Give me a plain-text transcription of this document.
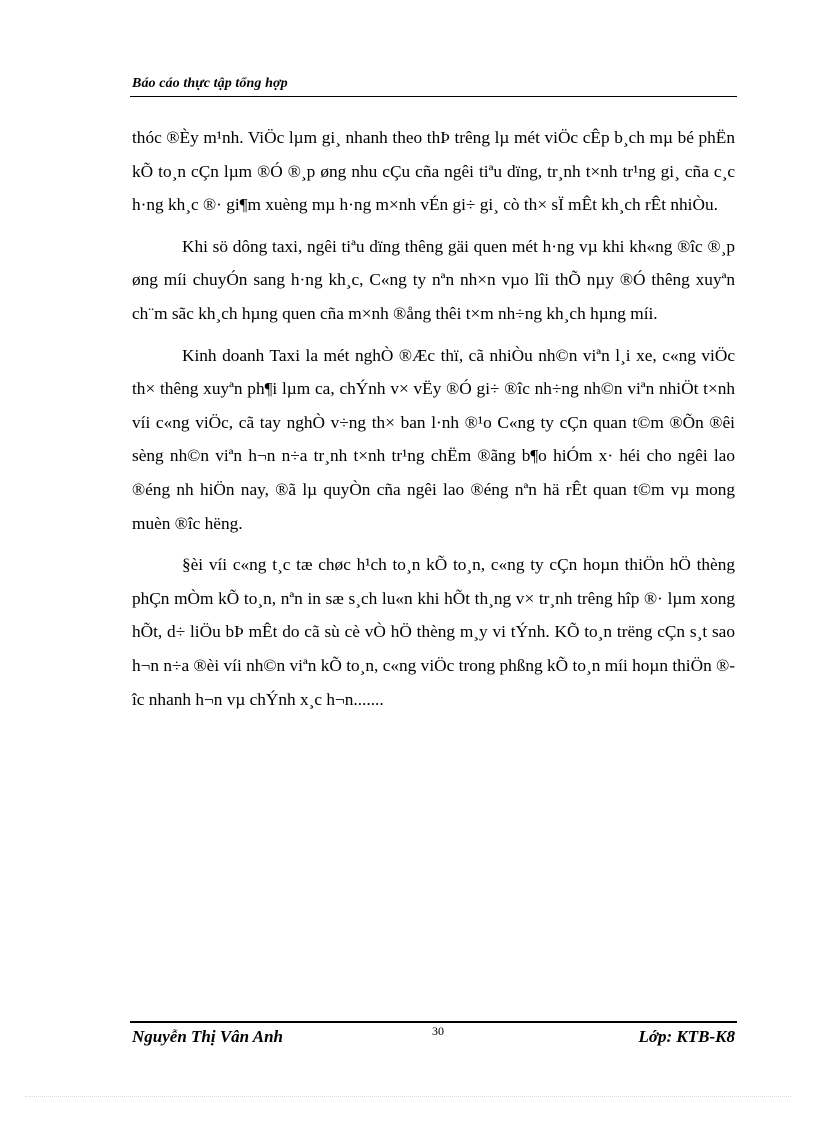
Báo cáo thực tập tổng hợp

thóc ®Èy m¹nh. ViÖc lµm gi¸ nhanh theo thÞ trêng lµ mét viÖc cÊp b¸ch mµ bé phËn kÕ to¸n cÇn lµm ®Ó ®¸p øng nhu cÇu cña ngêi tiªu dïng, tr¸nh t×nh tr¹ng gi¸ cña c¸c h·ng kh¸c ®· gi¶m xuèng mµ h·ng m×nh vÉn gi÷ gi¸ cò th× sÏ mÊt kh¸ch rÊt nhiÒu.

Khi sö dông taxi, ngêi tiªu dïng thêng gäi quen mét h·ng vµ khi kh«ng ®îc ®¸p øng míi chuyÓn sang h·ng kh¸c, C«ng ty nªn nh×n vµo lîi thÕ nµy ®Ó thêng xuyªn ch¨m sãc kh¸ch hµng quen cña m×nh ®ång thêi t×m nh÷ng kh¸ch hµng míi.

Kinh doanh Taxi la mét nghÒ ®Æc thï, cã nhiÒu nh©n viªn l¸i xe, c«ng viÖc th× thêng xuyªn ph¶i lµm ca, chÝnh v× vËy ®Ó gi÷ ®îc nh÷ng nh©n viªn nhiÖt t×nh víi c«ng viÖc, cã tay nghÒ v÷ng th× ban l·nh ®¹o C«ng ty cÇn quan t©m ®Õn ®êi sèng nh©n viªn h¬n n÷a tr¸nh t×nh tr¹ng chËm ®ãng b¶o hiÓm x· héi cho ngêi lao ®éng nh hiÖn nay, ®ã lµ quyÒn cña ngêi lao ®éng nªn hä rÊt quan t©m vµ mong muèn ®îc hëng.

§èi víi c«ng t¸c tæ chøc h¹ch to¸n kÕ to¸n, c«ng ty cÇn hoµn thiÖn hÖ thèng phÇn mÒm kÕ to¸n, nªn in sæ s¸ch lu«n khi hÕt th¸ng v× tr¸nh trêng hîp ®· lµm xong hÕt, d÷ liÖu bÞ mÊt do cã sù cè vÒ hÖ thèng m¸y vi tÝnh. KÕ to¸n trëng cÇn s¸t sao h¬n n÷a ®èi víi nh©n viªn kÕ to¸n, c«ng viÖc trong phßng kÕ to¸n míi hoµn thiÖn ®îc nhanh h¬n vµ chÝnh x¸c h¬n.......

Nguyễn Thị Vân Anh	30	Lớp: KTB-K8
